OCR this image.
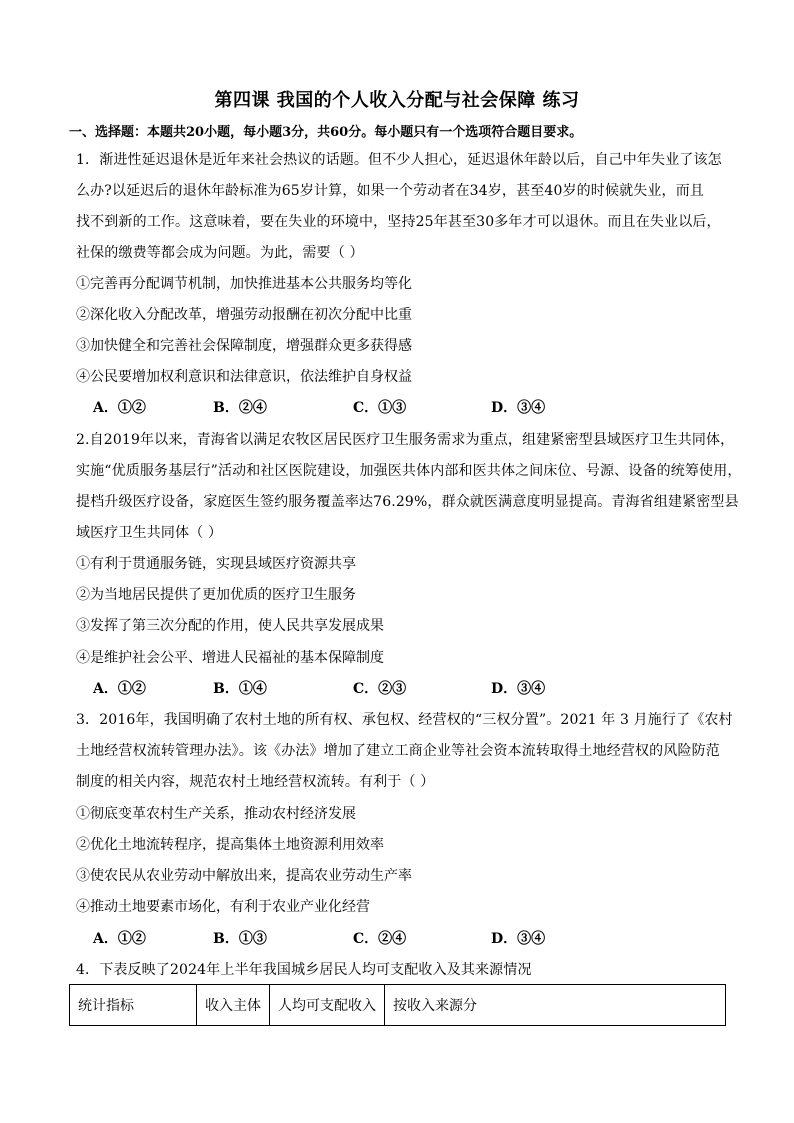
第四课 我国的个人收入分配与社会保障 练习
一、选择题：本题共20小题，每小题3分，共60分。每小题只有一个选项符合题目要求。
1．渐进性延迟退休是近年来社会热议的话题。但不少人担心，延迟退休年龄以后，自己中年失业了该怎
么办?以延迟后的退休年龄标准为65岁计算，如果一个劳动者在34岁，甚至40岁的时候就失业，而且
找不到新的工作。这意味着，要在失业的环境中，坚持25年甚至30多年才可以退休。而且在失业以后，
社保的缴费等都会成为问题。为此，需要（ ）
①完善再分配调节机制，加快推进基本公共服务均等化
②深化收入分配改革，增强劳动报酬在初次分配中比重
③加快健全和完善社会保障制度，增强群众更多获得感
④公民要增加权利意识和法律意识，依法维护自身权益
A．①②	B．②④	C．①③	D．③④
2.自2019年以来，青海省以满足农牧区居民医疗卫生服务需求为重点，组建紧密型县域医疗卫生共同体，
实施“优质服务基层行”活动和社区医院建设，加强医共体内部和医共体之间床位、号源、设备的统筹使用，
提档升级医疗设备，家庭医生签约服务覆盖率达76.29%，群众就医满意度明显提高。青海省组建紧密型县
域医疗卫生共同体（ ）
①有利于贯通服务链，实现县域医疗资源共享
②为当地居民提供了更加优质的医疗卫生服务
③发挥了第三次分配的作用，使人民共享发展成果
④是维护社会公平、增进人民福祉的基本保障制度
A．①②	B．①④	C．②③	D．③④
3．2016年，我国明确了农村土地的所有权、承包权、经营权的“三权分置”。2021 年 3 月施行了《农村
土地经营权流转管理办法》。该《办法》增加了建立工商企业等社会资本流转取得土地经营权的风险防范
制度的相关内容，规范农村土地经营权流转。有利于（ ）
①彻底变革农村生产关系，推动农村经济发展
②优化土地流转程序，提高集体土地资源利用效率
③使农民从农业劳动中解放出来，提高农业劳动生产率
④推动土地要素市场化，有利于农业产业化经营
A．①②	B．①③	C．②④	D．③④
4．下表反映了2024年上半年我国城乡居民人均可支配收入及其来源情况
统计指标	收入主体	人均可支配收入	按收入来源分
